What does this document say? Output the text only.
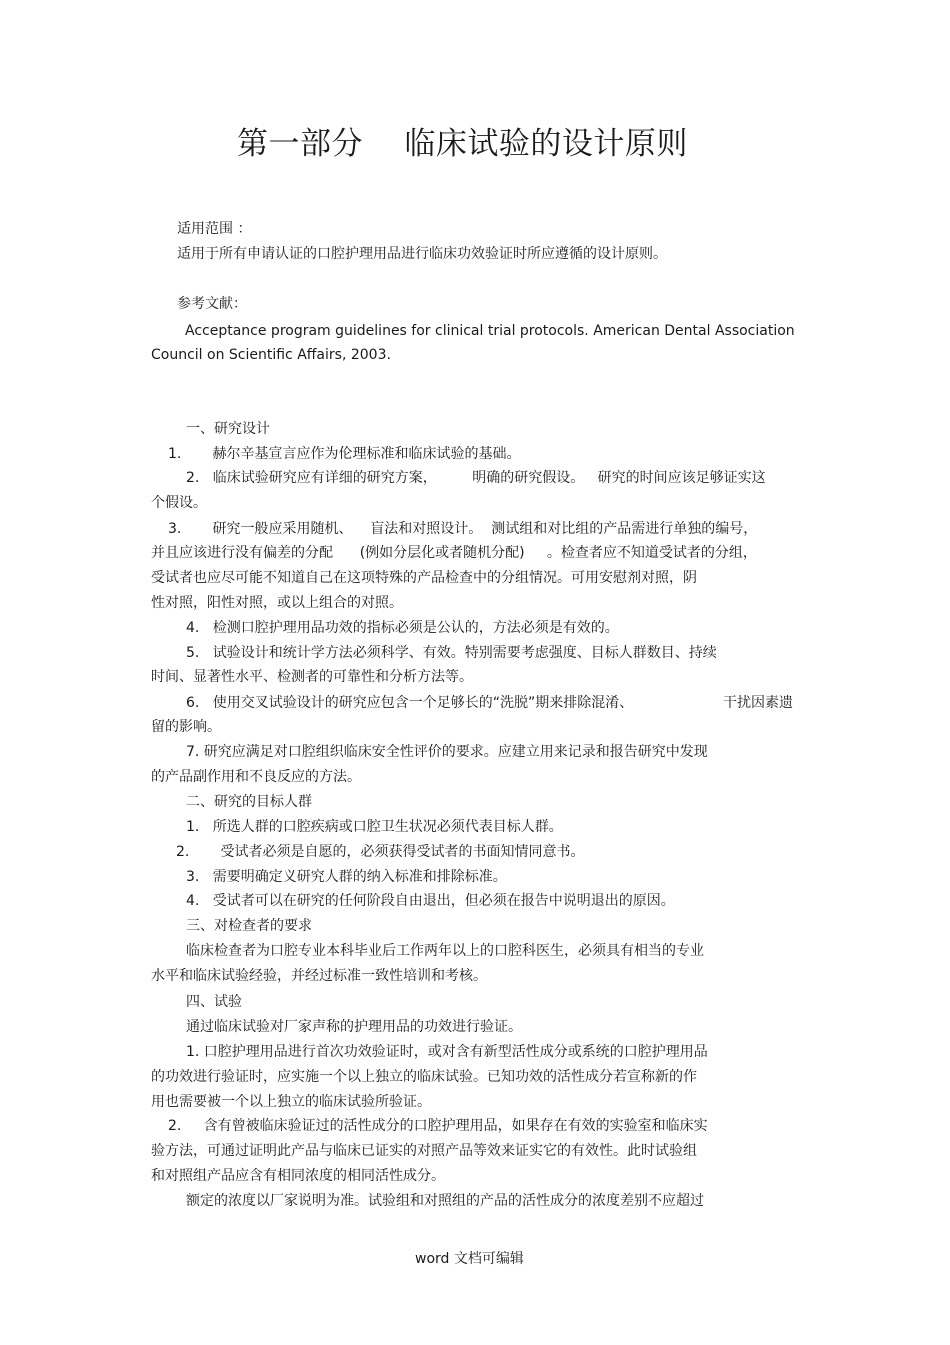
第一部分    临床试验的设计原则
适用范围 ：
适用于所有申请认证的口腔护理用品进行临床功效验证时所应遵循的设计原则。
参考文献：
Acceptance program guidelines for clinical trial protocols. American Dental Association
Council on Scientific Affairs, 2003.
一、研究设计
1.       赫尔辛基宣言应作为伦理标准和临床试验的基础。
2.   临床试验研究应有详细的研究方案，        明确的研究假设。   研究的时间应该足够证实这
个假设。
3.       研究一般应采用随机、    盲法和对照设计。  测试组和对比组的产品需进行单独的编号，
并且应该进行没有偏差的分配      (例如分层化或者随机分配)     。检查者应不知道受试者的分组，
受试者也应尽可能不知道自己在这项特殊的产品检查中的分组情况。可用安慰剂对照，阴
性对照，阳性对照，或以上组合的对照。
4.   检测口腔护理用品功效的指标必须是公认的，方法必须是有效的。
5.   试验设计和统计学方法必须科学、有效。特别需要考虑强度、目标人群数目、持续
时间、显著性水平、检测者的可靠性和分析方法等。
6.   使用交叉试验设计的研究应包含一个足够长的“洗脱”期来排除混淆、	干扰因素遗
留的影响。
7. 研究应满足对口腔组织临床安全性评价的要求。应建立用来记录和报告研究中发现
的产品副作用和不良反应的方法。
二、研究的目标人群
1.   所选人群的口腔疾病或口腔卫生状况必须代表目标人群。
2.       受试者必须是自愿的，必须获得受试者的书面知情同意书。
3.   需要明确定义研究人群的纳入标准和排除标准。
4.   受试者可以在研究的任何阶段自由退出，但必须在报告中说明退出的原因。
三、对检查者的要求
临床检查者为口腔专业本科毕业后工作两年以上的口腔科医生，必须具有相当的专业
水平和临床试验经验，并经过标准一致性培训和考核。
四、试验
通过临床试验对厂家声称的护理用品的功效进行验证。
1. 口腔护理用品进行首次功效验证时，或对含有新型活性成分或系统的口腔护理用品
的功效进行验证时，应实施一个以上独立的临床试验。已知功效的活性成分若宣称新的作
用也需要被一个以上独立的临床试验所验证。
2.     含有曾被临床验证过的活性成分的口腔护理用品，如果存在有效的实验室和临床实
验方法，可通过证明此产品与临床已证实的对照产品等效来证实它的有效性。此时试验组
和对照组产品应含有相同浓度的相同活性成分。
额定的浓度以厂家说明为准。试验组和对照组的产品的活性成分的浓度差别不应超过
word 文档可编辑
